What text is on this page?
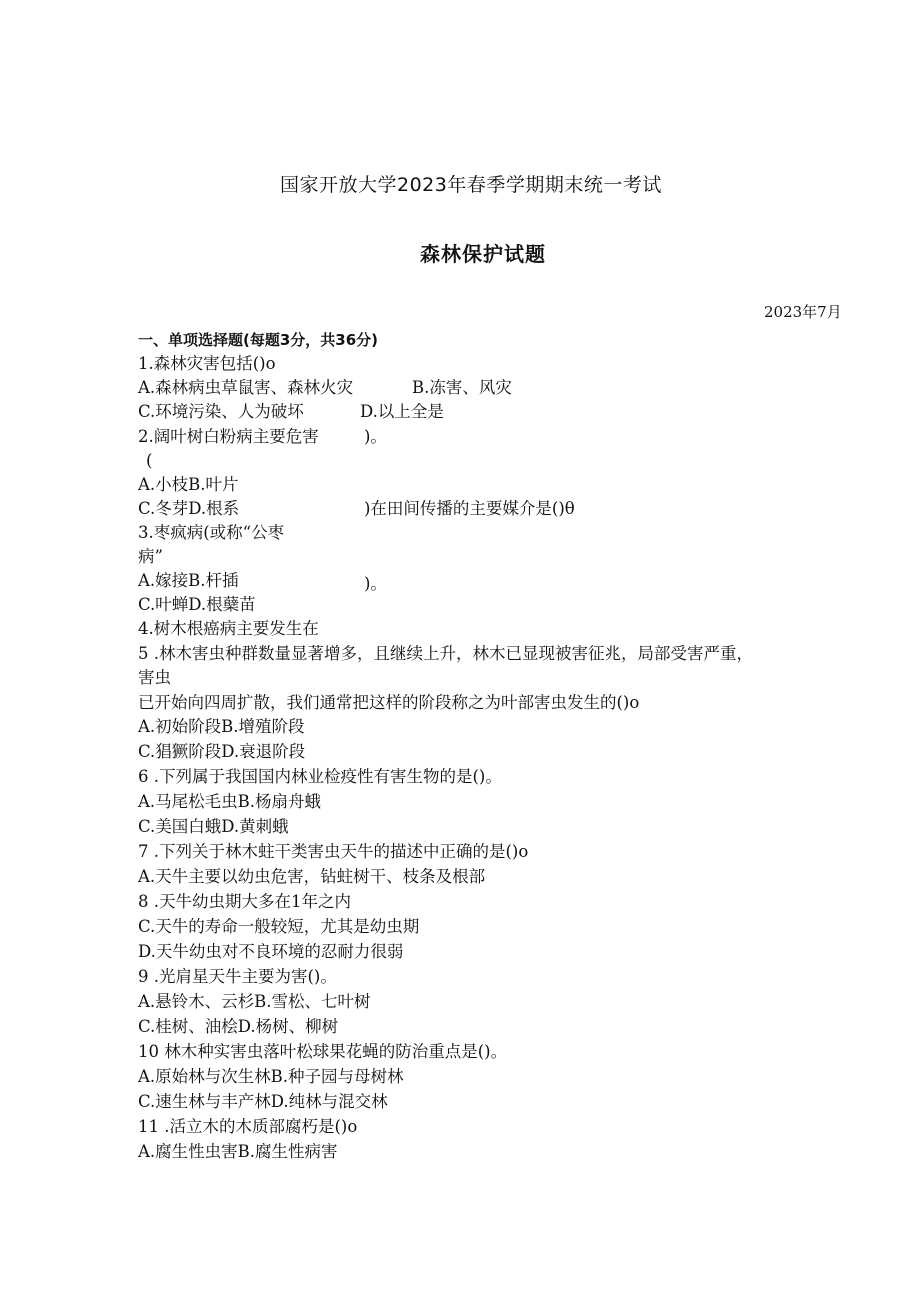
国家开放大学2023年春季学期期末统一考试
森林保护试题
2023年7月
一、单项选择题(每题3分，共36分)
1.森林灾害包括()o
A.森林病虫草鼠害、森林火灾	B.冻害、风灾
C.环境污染、人为破坏	D.以上全是
2.阔叶树白粉病主要危害	)。
(
A.小枝B.叶片
C.冬芽D.根系	)在田间传播的主要媒介是()θ
3.枣疯病(或称“公枣
病”
A.嫁接B.杆插	)。
C.叶蝉D.根蘖苗
4.树木根癌病主要发生在
5 .林木害虫种群数量显著增多，且继续上升，林木已显现被害征兆，局部受害严重，
害虫
已开始向四周扩散，我们通常把这样的阶段称之为叶部害虫发生的()o
A.初始阶段B.增殖阶段
C.猖獗阶段D.衰退阶段
6 .下列属于我国国内林业检疫性有害生物的是()。
A.马尾松毛虫B.杨扇舟蛾
C.美国白蛾D.黄刺蛾
7 .下列关于林木蛀干类害虫天牛的描述中正确的是()o
A.天牛主要以幼虫危害，钻蛀树干、枝条及根部
8 .天牛幼虫期大多在1年之内
C.天牛的寿命一般较短，尤其是幼虫期
D.天牛幼虫对不良环境的忍耐力很弱
9 .光肩星天牛主要为害()。
A.悬铃木、云杉B.雪松、七叶树
C.桂树、油桧D.杨树、柳树
10 林木种实害虫落叶松球果花蝇的防治重点是()。
A.原始林与次生林B.种子园与母树林
C.速生林与丰产林D.纯林与混交林
11 .活立木的木质部腐朽是()o
A.腐生性虫害B.腐生性病害
